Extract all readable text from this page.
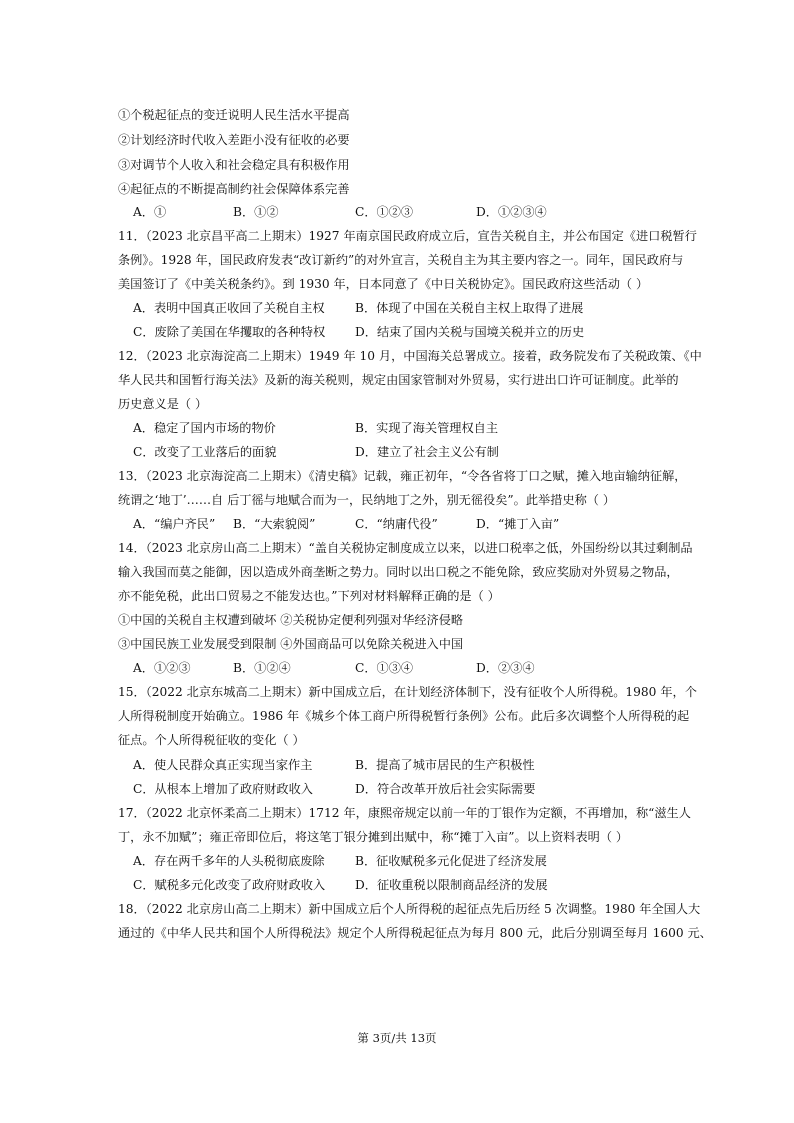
①个税起征点的变迁说明人民生活水平提高
②计划经济时代收入差距小没有征收的必要
③对调节个人收入和社会稳定具有积极作用
④起征点的不断提高制约社会保障体系完善
A．①	B．①②	C．①②③	D．①②③④
11．（2023 北京昌平高二上期末）1927 年南京国民政府成立后，宣告关税自主，并公布国定《进口税暂行
条例》。1928 年，国民政府发表“改订新约”的对外宣言，关税自主为其主要内容之一。同年，国民政府与
美国签订了《中美关税条约》。到 1930 年，日本同意了《中日关税协定》。国民政府这些活动（ ）
A．表明中国真正收回了关税自主权 B．体现了中国在关税自主权上取得了进展
C．废除了美国在华攫取的各种特权 D．结束了国内关税与国境关税并立的历史
12．（2023 北京海淀高二上期末）1949 年 10 月，中国海关总署成立。接着，政务院发布了关税政策、《中
华人民共和国暂行海关法》及新的海关税则，规定由国家管制对外贸易，实行进出口许可证制度。此举的
历史意义是（ ）
A．稳定了国内市场的物价	B．实现了海关管理权自主
C．改变了工业落后的面貌	D．建立了社会主义公有制
13．（2023 北京海淀高二上期末）《清史稿》记载，雍正初年，“令各省将丁口之赋，摊入地亩输纳征解，
统谓之‘地丁’……自 后丁徭与地赋合而为一，民纳地丁之外，别无徭役矣”。此举措史称（ ）
A．“编户齐民” B．“大索貌阅”	C．“纳庸代役”	D．“摊丁入亩”
14．（2023 北京房山高二上期末）“盖自关税协定制度成立以来，以进口税率之低，外国纷纷以其过剩制品
输入我国而莫之能御，因以造成外商垄断之势力。同时以出口税之不能免除，致应奖励对外贸易之物品，
亦不能免税，此出口贸易之不能发达也。”下列对材料解释正确的是（ ）
①中国的关税自主权遭到破坏 ②关税协定便利列强对华经济侵略
③中国民族工业发展受到限制 ④外国商品可以免除关税进入中国
A．①②③	B．①②④	C．①③④	D．②③④
15．（2022 北京东城高二上期末）新中国成立后，在计划经济体制下，没有征收个人所得税。1980 年，个
人所得税制度开始确立。1986 年《城乡个体工商户所得税暂行条例》公布。此后多次调整个人所得税的起
征点。个人所得税征收的变化（ ）
A．使人民群众真正实现当家作主	B．提高了城市居民的生产积极性
C．从根本上增加了政府财政收入	D．符合改革开放后社会实际需要
17．（2022 北京怀柔高二上期末）1712 年，康熙帝规定以前一年的丁银作为定额，不再增加，称“滋生人
丁，永不加赋”；雍正帝即位后，将这笔丁银分摊到出赋中，称“摊丁入亩”。以上资料表明（ ）
A．存在两千多年的人头税彻底废除 B．征收赋税多元化促进了经济发展
C．赋税多元化改变了政府财政收入 D．征收重税以限制商品经济的发展
18．（2022 北京房山高二上期末）新中国成立后个人所得税的起征点先后历经 5 次调整。1980 年全国人大
通过的《中华人民共和国个人所得税法》规定个人所得税起征点为每月 800 元，此后分别调至每月 1600 元、
第 3页/共 13页
